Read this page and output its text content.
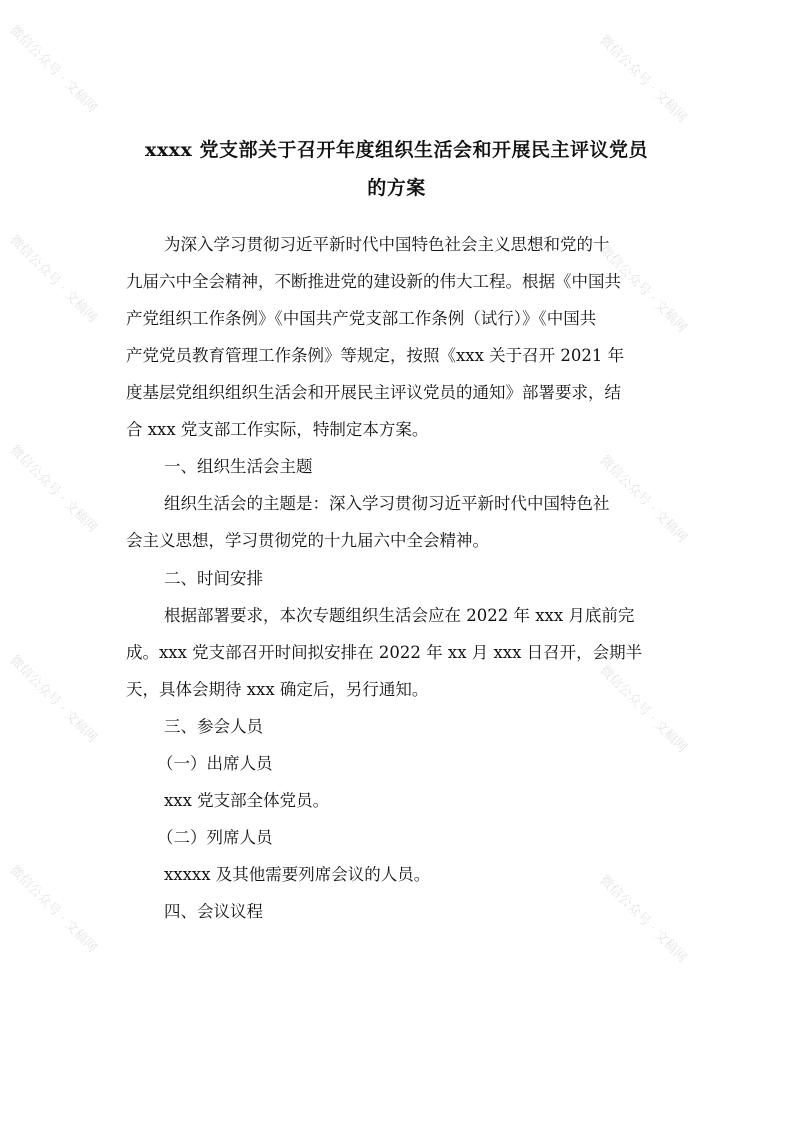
xxxx 党支部关于召开年度组织生活会和开展民主评议党员
的方案
为深入学习贯彻习近平新时代中国特色社会主义思想和党的十
九届六中全会精神，不断推进党的建设新的伟大工程。根据《中国共
产党组织工作条例》《中国共产党支部工作条例（试行）》《中国共
产党党员教育管理工作条例》等规定，按照《xxx 关于召开 2021 年
度基层党组织组织生活会和开展民主评议党员的通知》部署要求，结
合 xxx 党支部工作实际，特制定本方案。
一、组织生活会主题
组织生活会的主题是：深入学习贯彻习近平新时代中国特色社
会主义思想，学习贯彻党的十九届六中全会精神。
二、时间安排
根据部署要求，本次专题组织生活会应在 2022 年 xxx 月底前完
成。xxx 党支部召开时间拟安排在 2022 年 xx 月 xxx 日召开，会期半
天，具体会期待 xxx 确定后，另行通知。
三、参会人员
（一）出席人员
xxx 党支部全体党员。
（二）列席人员
xxxxx 及其他需要列席会议的人员。
四、会议议程
微信公众号 · 文稿网	微信公众号 · 文稿网
微信公众号 · 文稿网	微信公众号 · 文稿网
微信公众号 · 文稿网	微信公众号 · 文稿网
微信公众号 · 文稿网	微信公众号 · 文稿网
微信公众号 · 文稿网	微信公众号 · 文稿网
